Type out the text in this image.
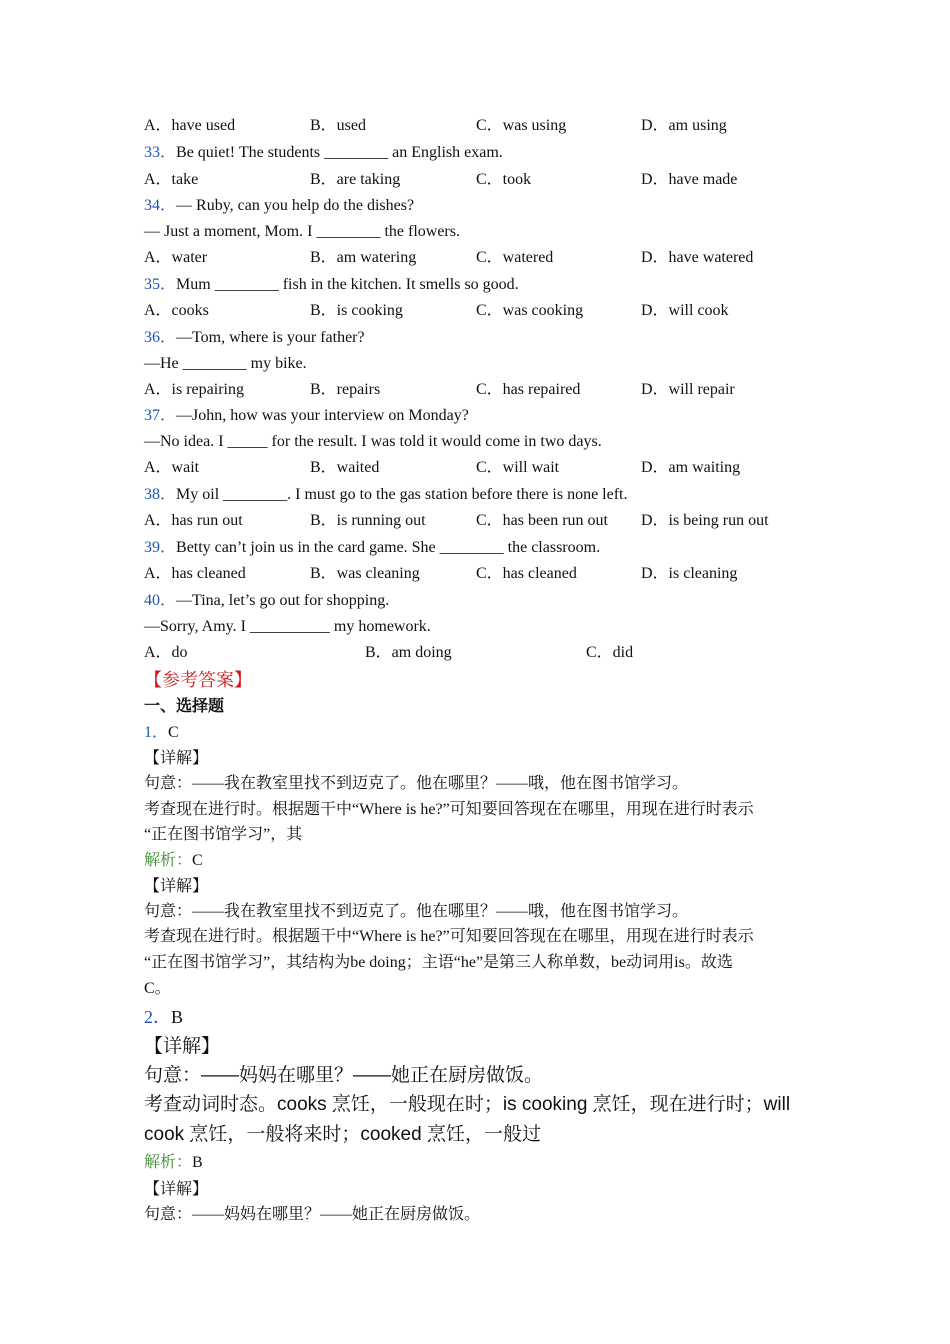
A．have used	B．used	C．was using	D．am using
33．Be quiet! The students ________ an English exam.
A．take	B．are taking	C．took	D．have made
34．— Ruby, can you help do the dishes?
— Just a moment, Mom. I ________ the flowers.
A．water	B．am watering	C．watered	D．have watered
35．Mum ________ fish in the kitchen. It smells so good.
A．cooks	B．is cooking	C．was cooking	D．will cook
36．—Tom, where is your father?
—He ________ my bike.
A．is repairing	B．repairs	C．has repaired	D．will repair
37．—John, how was your interview on Monday?
—No idea. I _____ for the result. I was told it would come in two days.
A．wait	B．waited	C．will wait	D．am waiting
38．My oil ________. I must go to the gas station before there is none left.
A．has run out	B．is running out	C．has been run out D．is being run out
39．Betty can’t join us in the card game. She ________ the classroom.
A．has cleaned	B．was cleaning	C．has cleaned	D．is cleaning
40．—Tina, let’s go out for shopping.
—Sorry, Amy. I __________ my homework.
A．do	B．am doing	C．did
【参考答案】
一、选择题
1．C
【详解】
句意：——我在教室里找不到迈克了。他在哪里？——哦，他在图书馆学习。
考查现在进行时。根据题干中“Where is he?”可知要回答现在在哪里，用现在进行时表示
“正在图书馆学习”，其
解析：C
【详解】
句意：——我在教室里找不到迈克了。他在哪里？——哦，他在图书馆学习。
考查现在进行时。根据题干中“Where is he?”可知要回答现在在哪里，用现在进行时表示
“正在图书馆学习”，其结构为be doing；主语“he”是第三人称单数，be动词用is。故选
C。
2．B
【详解】
句意：——妈妈在哪里？——她正在厨房做饭。
考查动词时态。cooks 烹饪，一般现在时；is cooking 烹饪，现在进行时；will
cook 烹饪，一般将来时；cooked 烹饪，一般过
解析：B
【详解】
句意：——妈妈在哪里？——她正在厨房做饭。
